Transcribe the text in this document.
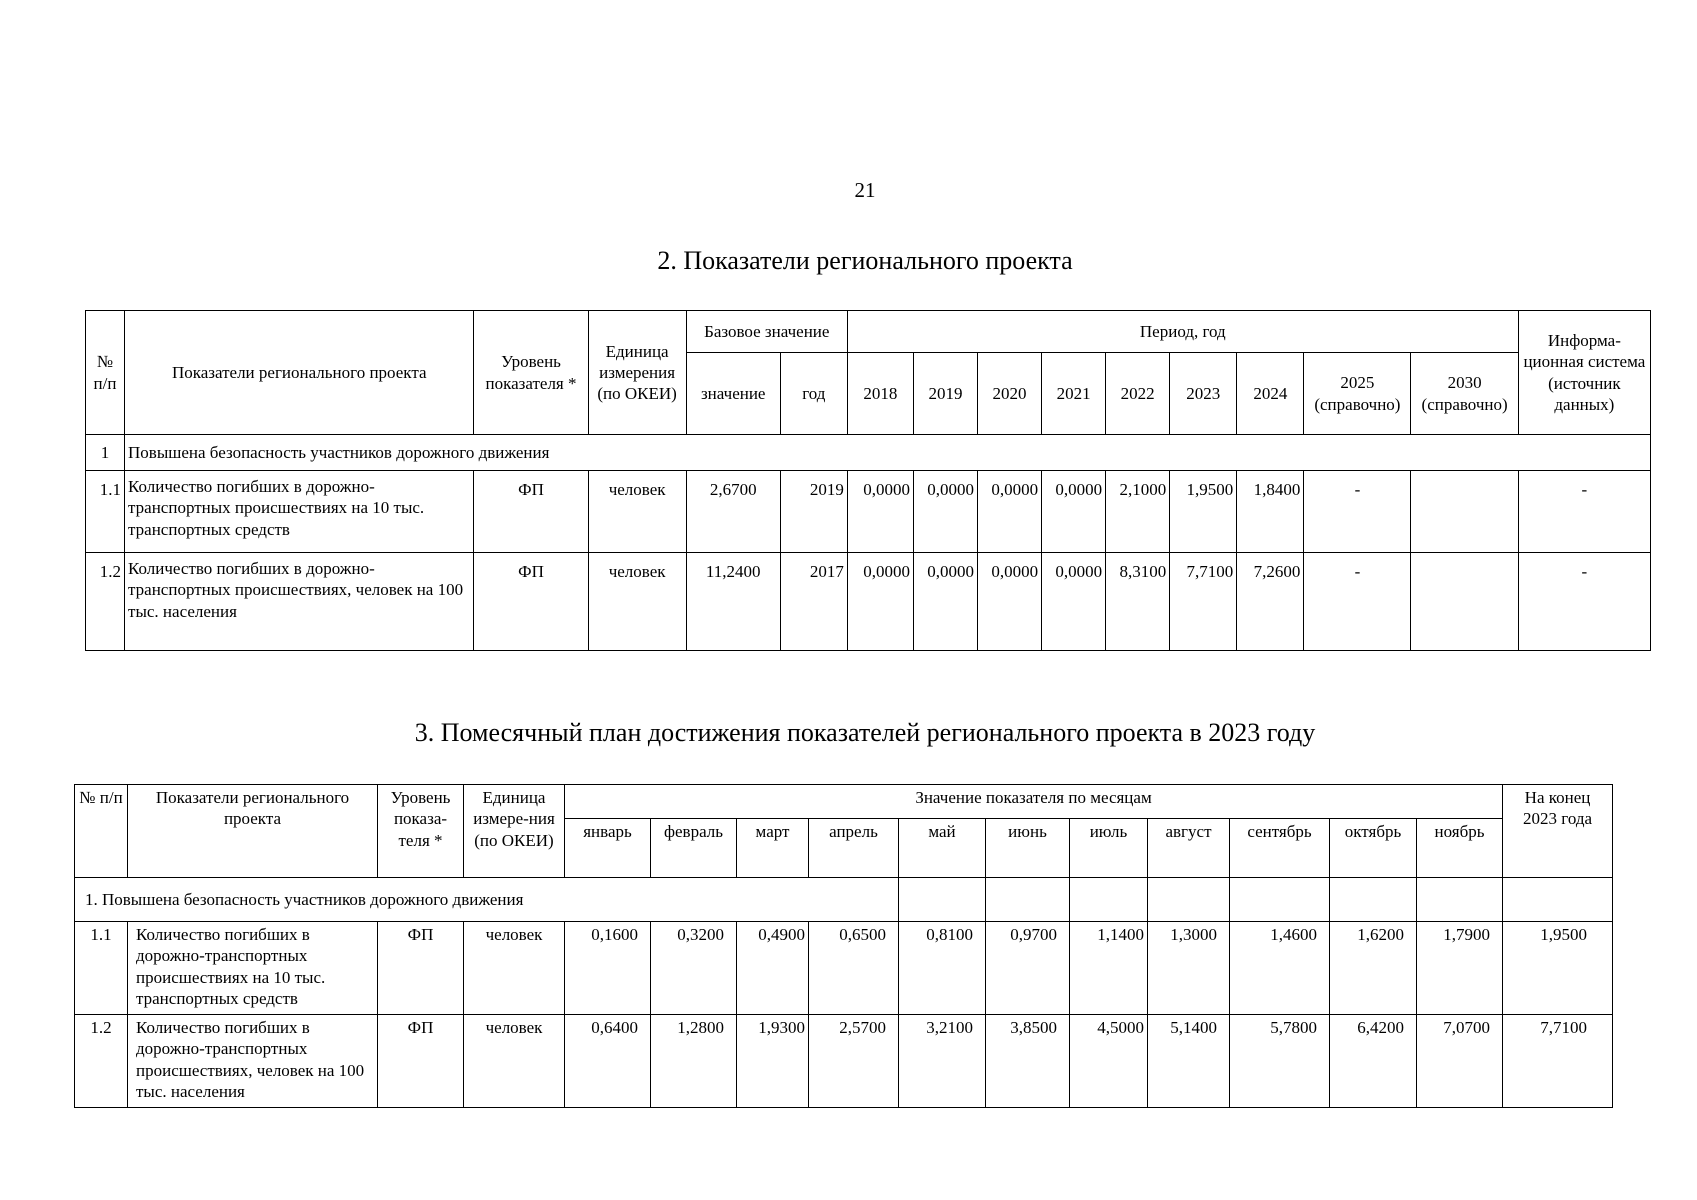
21
2. Показатели регионального проекта
№ п/п	Показатели регионального проекта	Уровень показателя *	Единица измерения (по ОКЕИ)	Базовое значение		Период, год									Информа-ционная система (источник данных)
				значение	год	2018	2019	2020	2021	2022	2023	2024	2025 (справочно)	2030 (справочно)	
1	Повышена безопасность участников дорожного движения														
1.1	Количество погибших в дорожно-транспортных происшествиях на 10 тыс. транспортных средств	ФП	человек	2,6700	2019	0,0000	0,0000	0,0000	0,0000	2,1000	1,9500	1,8400	-		-
1.2	Количество погибших в дорожно-транспортных происшествиях, человек на 100 тыс. населения	ФП	человек	11,2400	2017	0,0000	0,0000	0,0000	0,0000	8,3100	7,7100	7,2600	-		-
3. Помесячный план достижения показателей регионального проекта в 2023 году
№ п/п	Показатели регионального проекта	Уровень показа-теля *	Единица измере-ния (по ОКЕИ)	Значение показателя по месяцам											На конец 2023 года
				январь	февраль	март	апрель	май	июнь	июль	август	сентябрь	октябрь	ноябрь	
1. Повышена безопасность участников дорожного движения															
1.1	Количество погибших в дорожно-транспортных происшествиях на 10 тыс. транспортных средств	ФП	человек	0,1600	0,3200	0,4900	0,6500	0,8100	0,9700	1,1400	1,3000	1,4600	1,6200	1,7900	1,9500
1.2	Количество погибших в дорожно-транспортных происшествиях, человек на 100 тыс. населения	ФП	человек	0,6400	1,2800	1,9300	2,5700	3,2100	3,8500	4,5000	5,1400	5,7800	6,4200	7,0700	7,7100
